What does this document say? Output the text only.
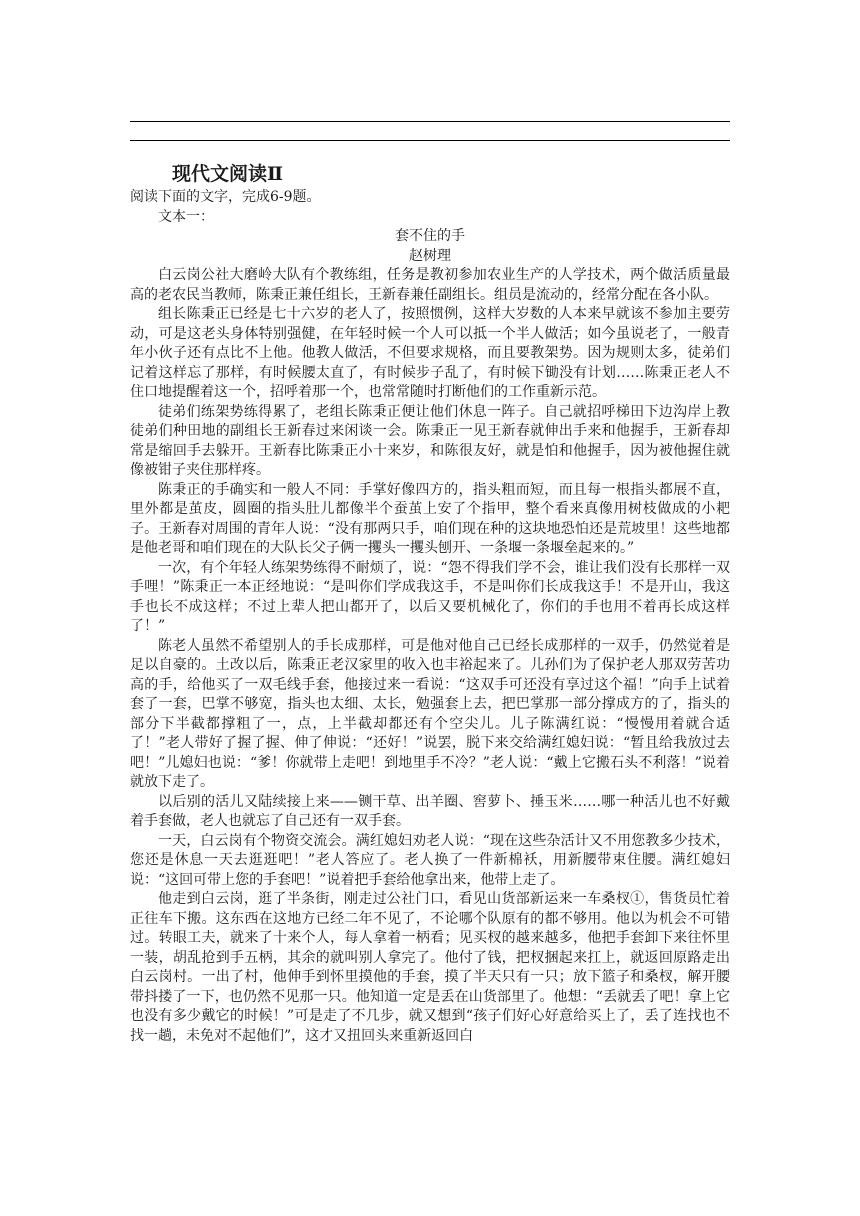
现代文阅读Ⅱ
阅读下面的文字，完成6-9题。
文本一：
套不住的手
赵树理

白云岗公社大磨岭大队有个教练组，任务是教初参加农业生产的人学技术，两个做活质量最高的老农民当教师，陈秉正兼任组长，王新春兼任副组长。组员是流动的，经常分配在各小队。

组长陈秉正已经是七十六岁的老人了，按照惯例，这样大岁数的人本来早就该不参加主要劳动，可是这老头身体特别强健，在年轻时候一个人可以抵一个半人做活；如今虽说老了，一般青年小伙子还有点比不上他。他教人做活，不但要求规格，而且要教架势。因为规则太多，徒弟们记着这样忘了那样，有时候腰太直了，有时候步子乱了，有时候下锄没有计划……陈秉正老人不住口地提醒着这一个，招呼着那一个，也常常随时打断他们的工作重新示范。

徒弟们练架势练得累了，老组长陈秉正便让他们休息一阵子。自己就招呼梯田下边沟岸上教徒弟们种田地的副组长王新春过来闲谈一会。陈秉正一见王新春就伸出手来和他握手，王新春却常是缩回手去躲开。王新春比陈秉正小十来岁，和陈很友好，就是怕和他握手，因为被他握住就像被钳子夹住那样疼。

陈秉正的手确实和一般人不同：手掌好像四方的，指头粗而短，而且每一根指头都展不直，里外都是茧皮，圆圈的指头肚儿都像半个蚕茧上安了个指甲，整个看来真像用树枝做成的小耙子。王新春对周围的青年人说：“没有那两只手，咱们现在种的这块地恐怕还是荒坡里！这些地都是他老哥和咱们现在的大队长父子俩一攫头一攫头刨开、一条堰一条堰垒起来的。”

一次，有个年轻人练架势练得不耐烦了，说：“怨不得我们学不会，谁让我们没有长那样一双手哩！”陈秉正一本正经地说：“是叫你们学成我这手，不是叫你们长成我这手！不是开山，我这手也长不成这样；不过上辈人把山都开了，以后又要机械化了，你们的手也用不着再长成这样了！”

陈老人虽然不希望别人的手长成那样，可是他对他自己已经长成那样的一双手，仍然觉着是足以自豪的。土改以后，陈秉正老汉家里的收入也丰裕起来了。儿孙们为了保护老人那双劳苦功高的手，给他买了一双毛线手套，他接过来一看说：“这双手可还没有享过这个福！”向手上试着套了一套，巴掌不够宽，指头也太细、太长，勉强套上去，把巴掌那一部分撑成方的了，指头的部分下半截都撑粗了一，点，上半截却都还有个空尖儿。儿子陈满红说：“慢慢用着就合适了！”老人带好了握了握、伸了伸说：“还好！”说罢，脱下来交给满红媳妇说：“暂且给我放过去吧！”儿媳妇也说：“爹！你就带上走吧！到地里手不冷？”老人说：“戴上它搬石头不利落！”说着就放下走了。

以后别的活儿又陆续接上来——铡干草、出羊圈、窖萝卜、捶玉米……哪一种活儿也不好戴着手套做，老人也就忘了自己还有一双手套。

一天，白云岗有个物资交流会。满红媳妇劝老人说：“现在这些杂活计又不用您教多少技术，您还是休息一天去逛逛吧！”老人答应了。老人换了一件新棉袄，用新腰带束住腰。满红媳妇说：“这回可带上您的手套吧！”说着把手套给他拿出来，他带上走了。

他走到白云岗，逛了半条街，刚走过公社门口，看见山货部新运来一车桑杈①，售货员忙着正往车下搬。这东西在这地方已经二年不见了，不论哪个队原有的都不够用。他以为机会不可错过。转眼工夫，就来了十来个人，每人拿着一柄看；见买杈的越来越多，他把手套卸下来往怀里一装，胡乱抢到手五柄，其余的就叫别人拿完了。他付了钱，把杈捆起来扛上，就返回原路走出白云岗村。一出了村，他伸手到怀里摸他的手套，摸了半天只有一只；放下篮子和桑杈，解开腰带抖搂了一下，也仍然不见那一只。他知道一定是丢在山货部里了。他想：“丢就丢了吧！拿上它也没有多少戴它的时候！”可是走了不几步，就又想到“孩子们好心好意给买上了，丢了连找也不找一趟，未免对不起他们”，这才又扭回头来重新返回白
